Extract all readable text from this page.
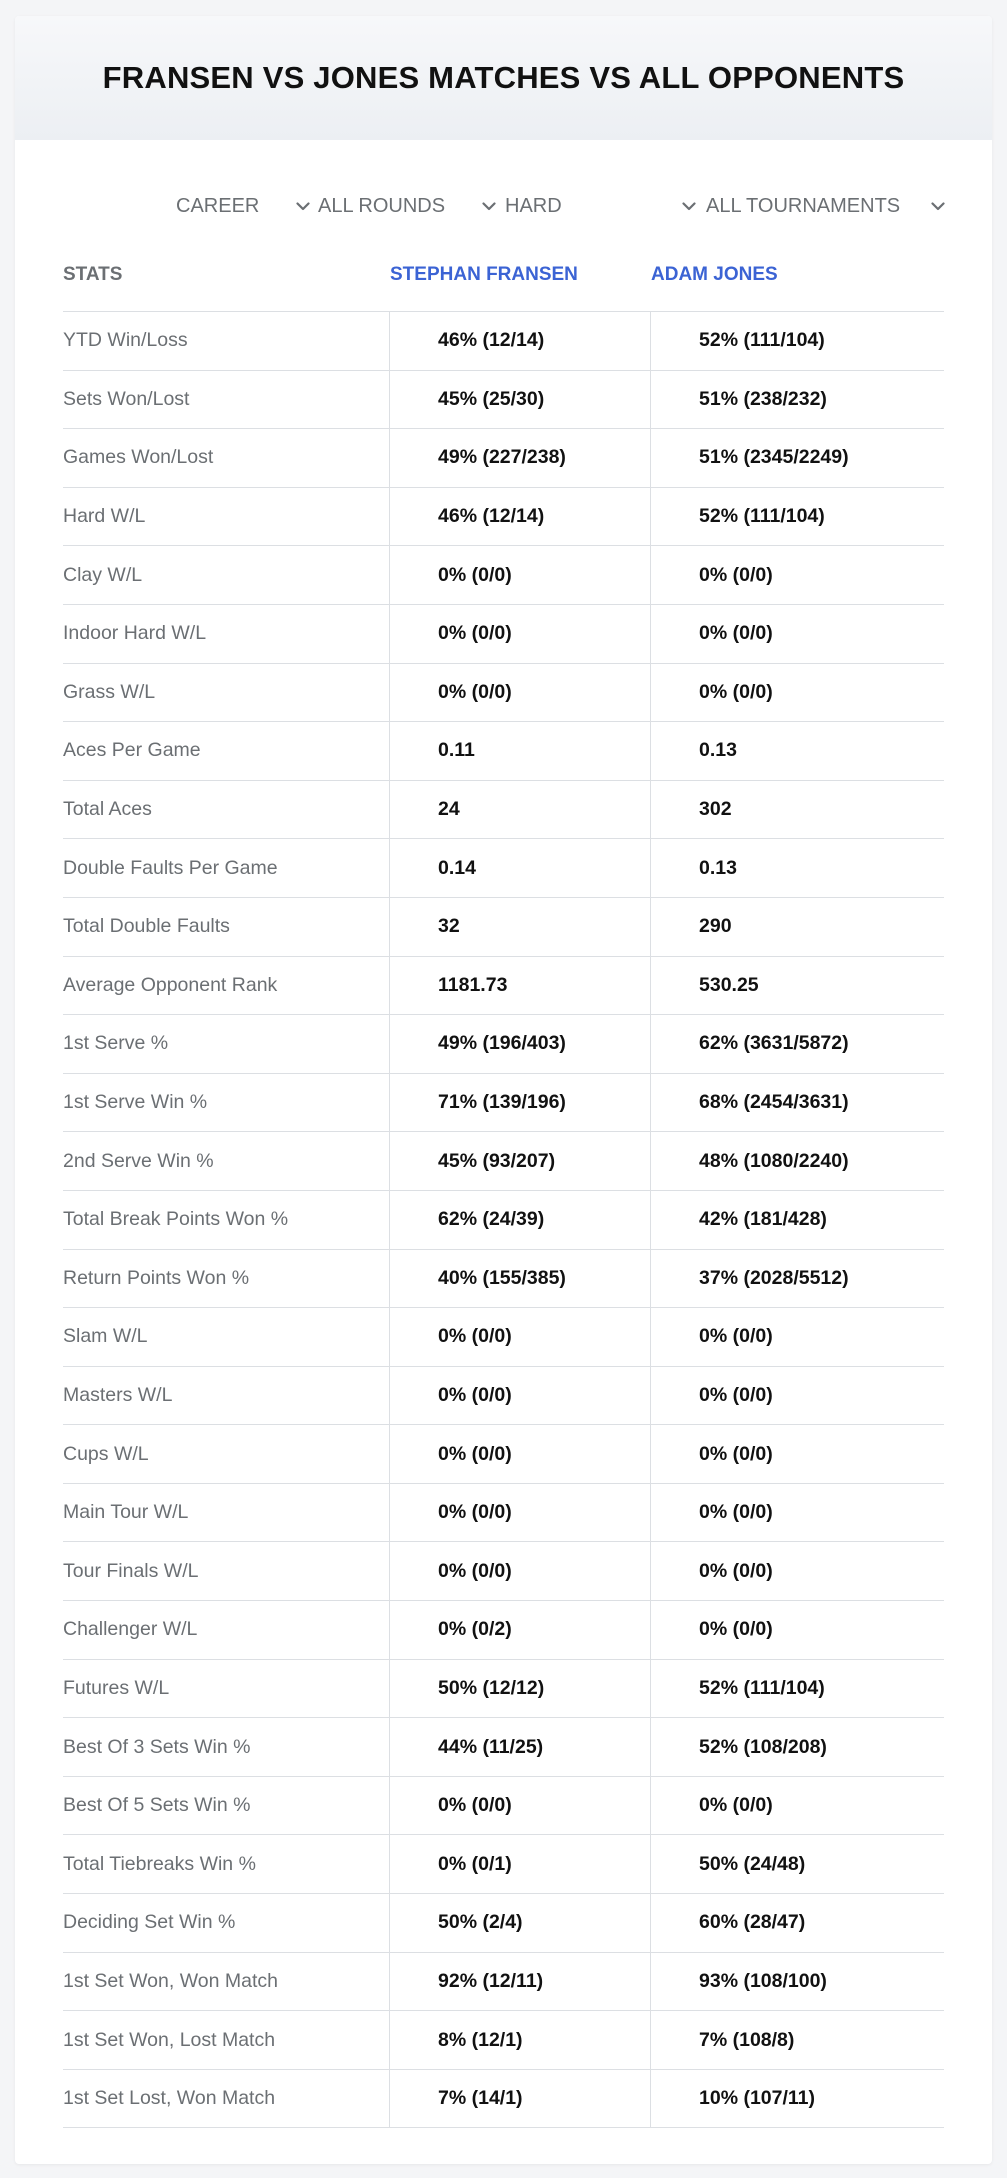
FRANSEN VS JONES MATCHES VS ALL OPPONENTS
CAREER	ALL ROUNDS	HARD	ALL TOURNAMENTS
STATS	STEPHAN FRANSEN	ADAM JONES
YTD Win/Loss	46% (12/14)	52% (111/104)
Sets Won/Lost	45% (25/30)	51% (238/232)
Games Won/Lost	49% (227/238)	51% (2345/2249)
Hard W/L	46% (12/14)	52% (111/104)
Clay W/L	0% (0/0)	0% (0/0)
Indoor Hard W/L	0% (0/0)	0% (0/0)
Grass W/L	0% (0/0)	0% (0/0)
Aces Per Game	0.11	0.13
Total Aces	24	302
Double Faults Per Game	0.14	0.13
Total Double Faults	32	290
Average Opponent Rank	1181.73	530.25
1st Serve %	49% (196/403)	62% (3631/5872)
1st Serve Win %	71% (139/196)	68% (2454/3631)
2nd Serve Win %	45% (93/207)	48% (1080/2240)
Total Break Points Won %	62% (24/39)	42% (181/428)
Return Points Won %	40% (155/385)	37% (2028/5512)
Slam W/L	0% (0/0)	0% (0/0)
Masters W/L	0% (0/0)	0% (0/0)
Cups W/L	0% (0/0)	0% (0/0)
Main Tour W/L	0% (0/0)	0% (0/0)
Tour Finals W/L	0% (0/0)	0% (0/0)
Challenger W/L	0% (0/2)	0% (0/0)
Futures W/L	50% (12/12)	52% (111/104)
Best Of 3 Sets Win %	44% (11/25)	52% (108/208)
Best Of 5 Sets Win %	0% (0/0)	0% (0/0)
Total Tiebreaks Win %	0% (0/1)	50% (24/48)
Deciding Set Win %	50% (2/4)	60% (28/47)
1st Set Won, Won Match	92% (12/11)	93% (108/100)
1st Set Won, Lost Match	8% (12/1)	7% (108/8)
1st Set Lost, Won Match	7% (14/1)	10% (107/11)
